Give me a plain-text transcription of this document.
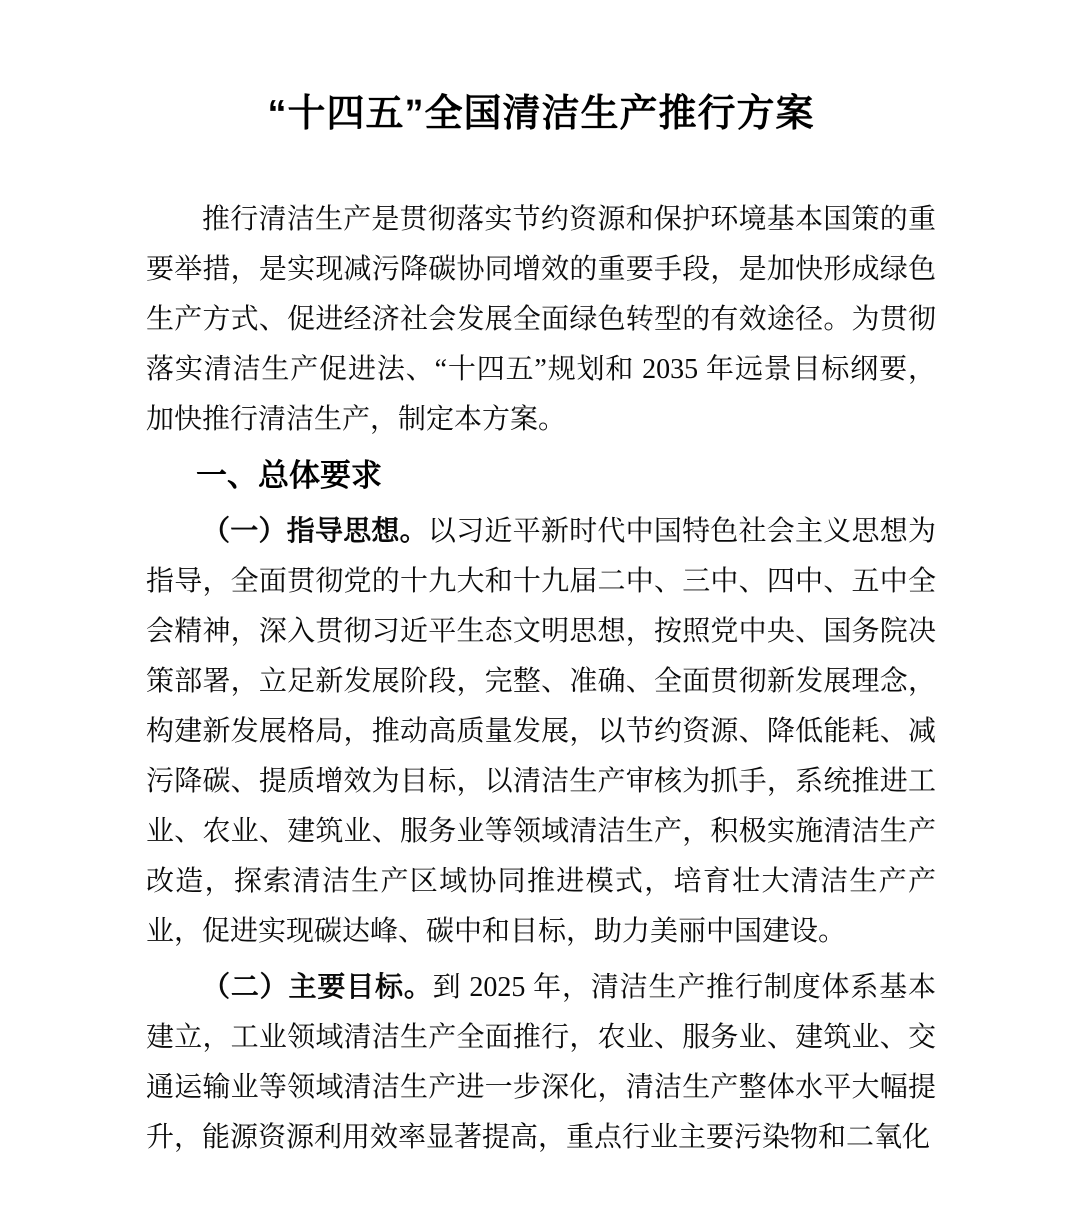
“十四五”全国清洁生产推行方案

推行清洁生产是贯彻落实节约资源和保护环境基本国策的重要举措，是实现减污降碳协同增效的重要手段，是加快形成绿色生产方式、促进经济社会发展全面绿色转型的有效途径。为贯彻落实清洁生产促进法、“十四五”规划和 2035 年远景目标纲要，加快推行清洁生产，制定本方案。

一、总体要求

（一）指导思想。以习近平新时代中国特色社会主义思想为指导，全面贯彻党的十九大和十九届二中、三中、四中、五中全会精神，深入贯彻习近平生态文明思想，按照党中央、国务院决策部署，立足新发展阶段，完整、准确、全面贯彻新发展理念，构建新发展格局，推动高质量发展，以节约资源、降低能耗、减污降碳、提质增效为目标，以清洁生产审核为抓手，系统推进工业、农业、建筑业、服务业等领域清洁生产，积极实施清洁生产改造，探索清洁生产区域协同推进模式，培育壮大清洁生产产业，促进实现碳达峰、碳中和目标，助力美丽中国建设。

（二）主要目标。到 2025 年，清洁生产推行制度体系基本建立，工业领域清洁生产全面推行，农业、服务业、建筑业、交通运输业等领域清洁生产进一步深化，清洁生产整体水平大幅提升，能源资源利用效率显著提高，重点行业主要污染物和二氧化
